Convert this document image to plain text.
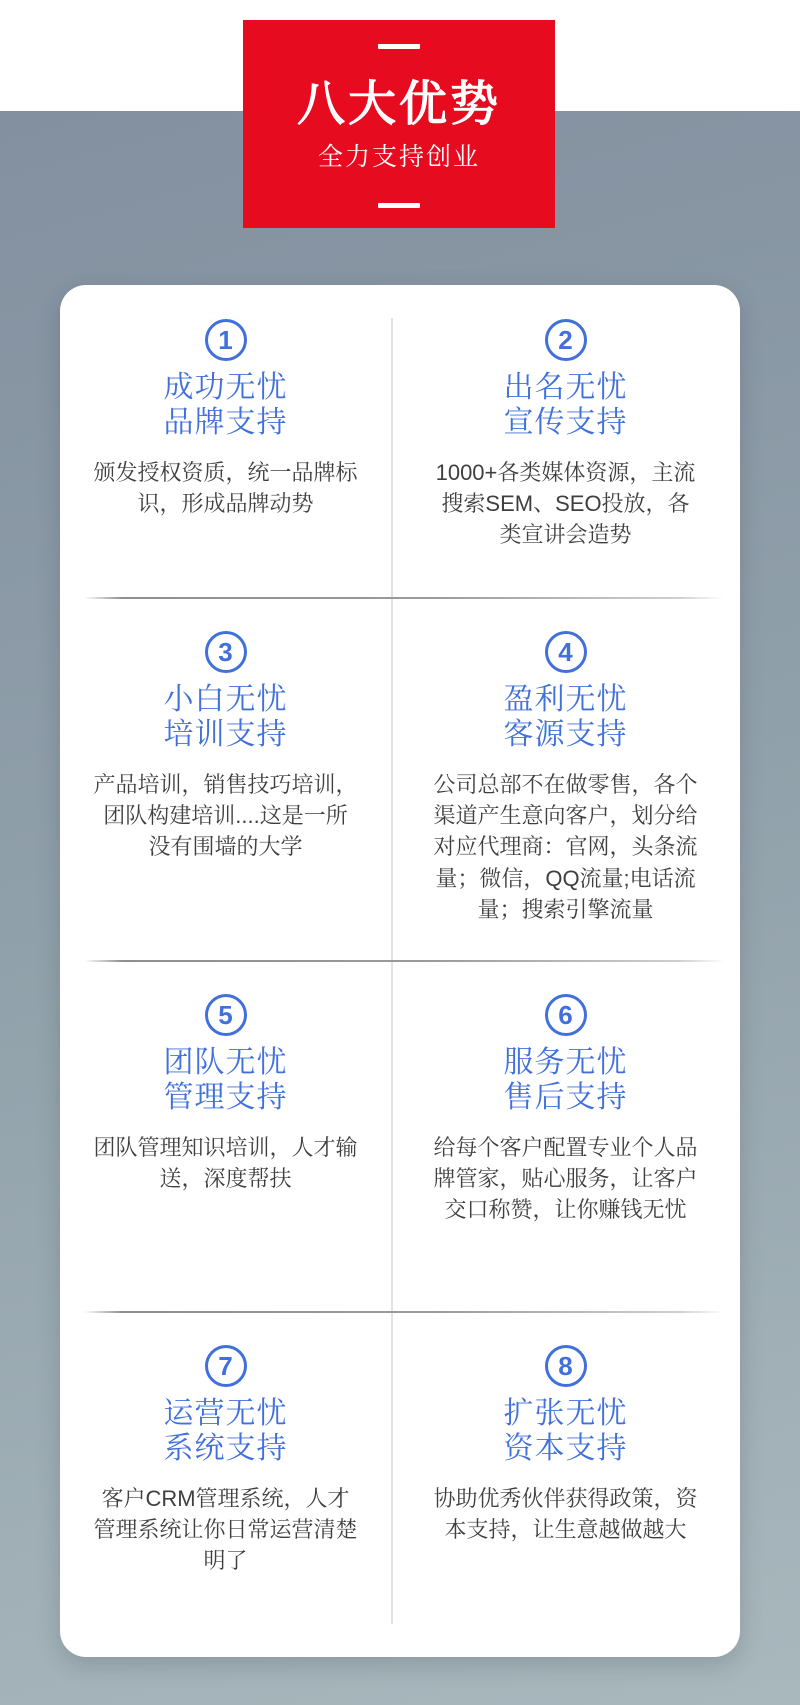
八大优势
全力支持创业
1
成功无忧
品牌支持

颁发授权资质，统一品牌标识，形成品牌动势

2
出名无忧
宣传支持

1000+各类媒体资源，主流搜索SEM、SEO投放，各类宣讲会造势

3
小白无忧
培训支持

产品培训，销售技巧培训，团队构建培训....这是一所没有围墙的大学

4
盈利无忧
客源支持

公司总部不在做零售，各个渠道产生意向客户，划分给对应代理商：官网，头条流量；微信，QQ流量;电话流量；搜索引擎流量

5
团队无忧
管理支持

团队管理知识培训，人才输送，深度帮扶

6
服务无忧
售后支持

给每个客户配置专业个人品牌管家，贴心服务，让客户交口称赞，让你赚钱无忧

7
运营无忧
系统支持

客户CRM管理系统，人才管理系统让你日常运营清楚明了

8
扩张无忧
资本支持

协助优秀伙伴获得政策，资本支持，让生意越做越大
